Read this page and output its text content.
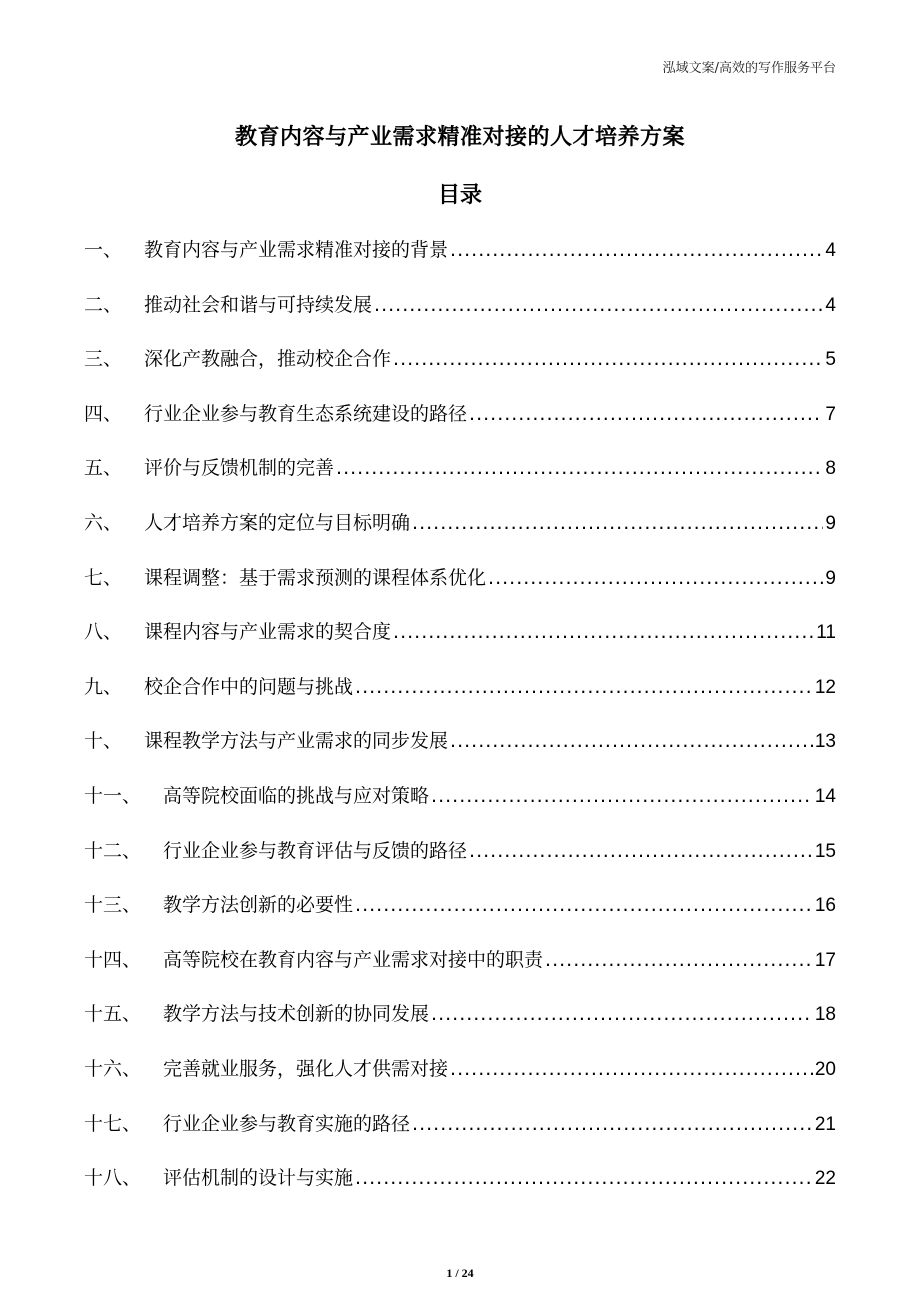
泓域文案/高效的写作服务平台
教育内容与产业需求精准对接的人才培养方案
目录
一、	教育内容与产业需求精准对接的背景 .....	4
二、	推动社会和谐与可持续发展 .....	4
三、	深化产教融合，推动校企合作 .....	5
四、	行业企业参与教育生态系统建设的路径 .....	7
五、	评价与反馈机制的完善 .....	8
六、	人才培养方案的定位与目标明确 .....	9
七、	课程调整：基于需求预测的课程体系优化 .....	9
八、	课程内容与产业需求的契合度 .....	11
九、	校企合作中的问题与挑战 .....	12
十、	课程教学方法与产业需求的同步发展 .....	13
十一、	高等院校面临的挑战与应对策略 .....	14
十二、	行业企业参与教育评估与反馈的路径 .....	15
十三、	教学方法创新的必要性 .....	16
十四、	高等院校在教育内容与产业需求对接中的职责 .....	17
十五、	教学方法与技术创新的协同发展 .....	18
十六、	完善就业服务，强化人才供需对接 .....	20
十七、	行业企业参与教育实施的路径 .....	21
十八、	评估机制的设计与实施 .....	22
1 / 24
